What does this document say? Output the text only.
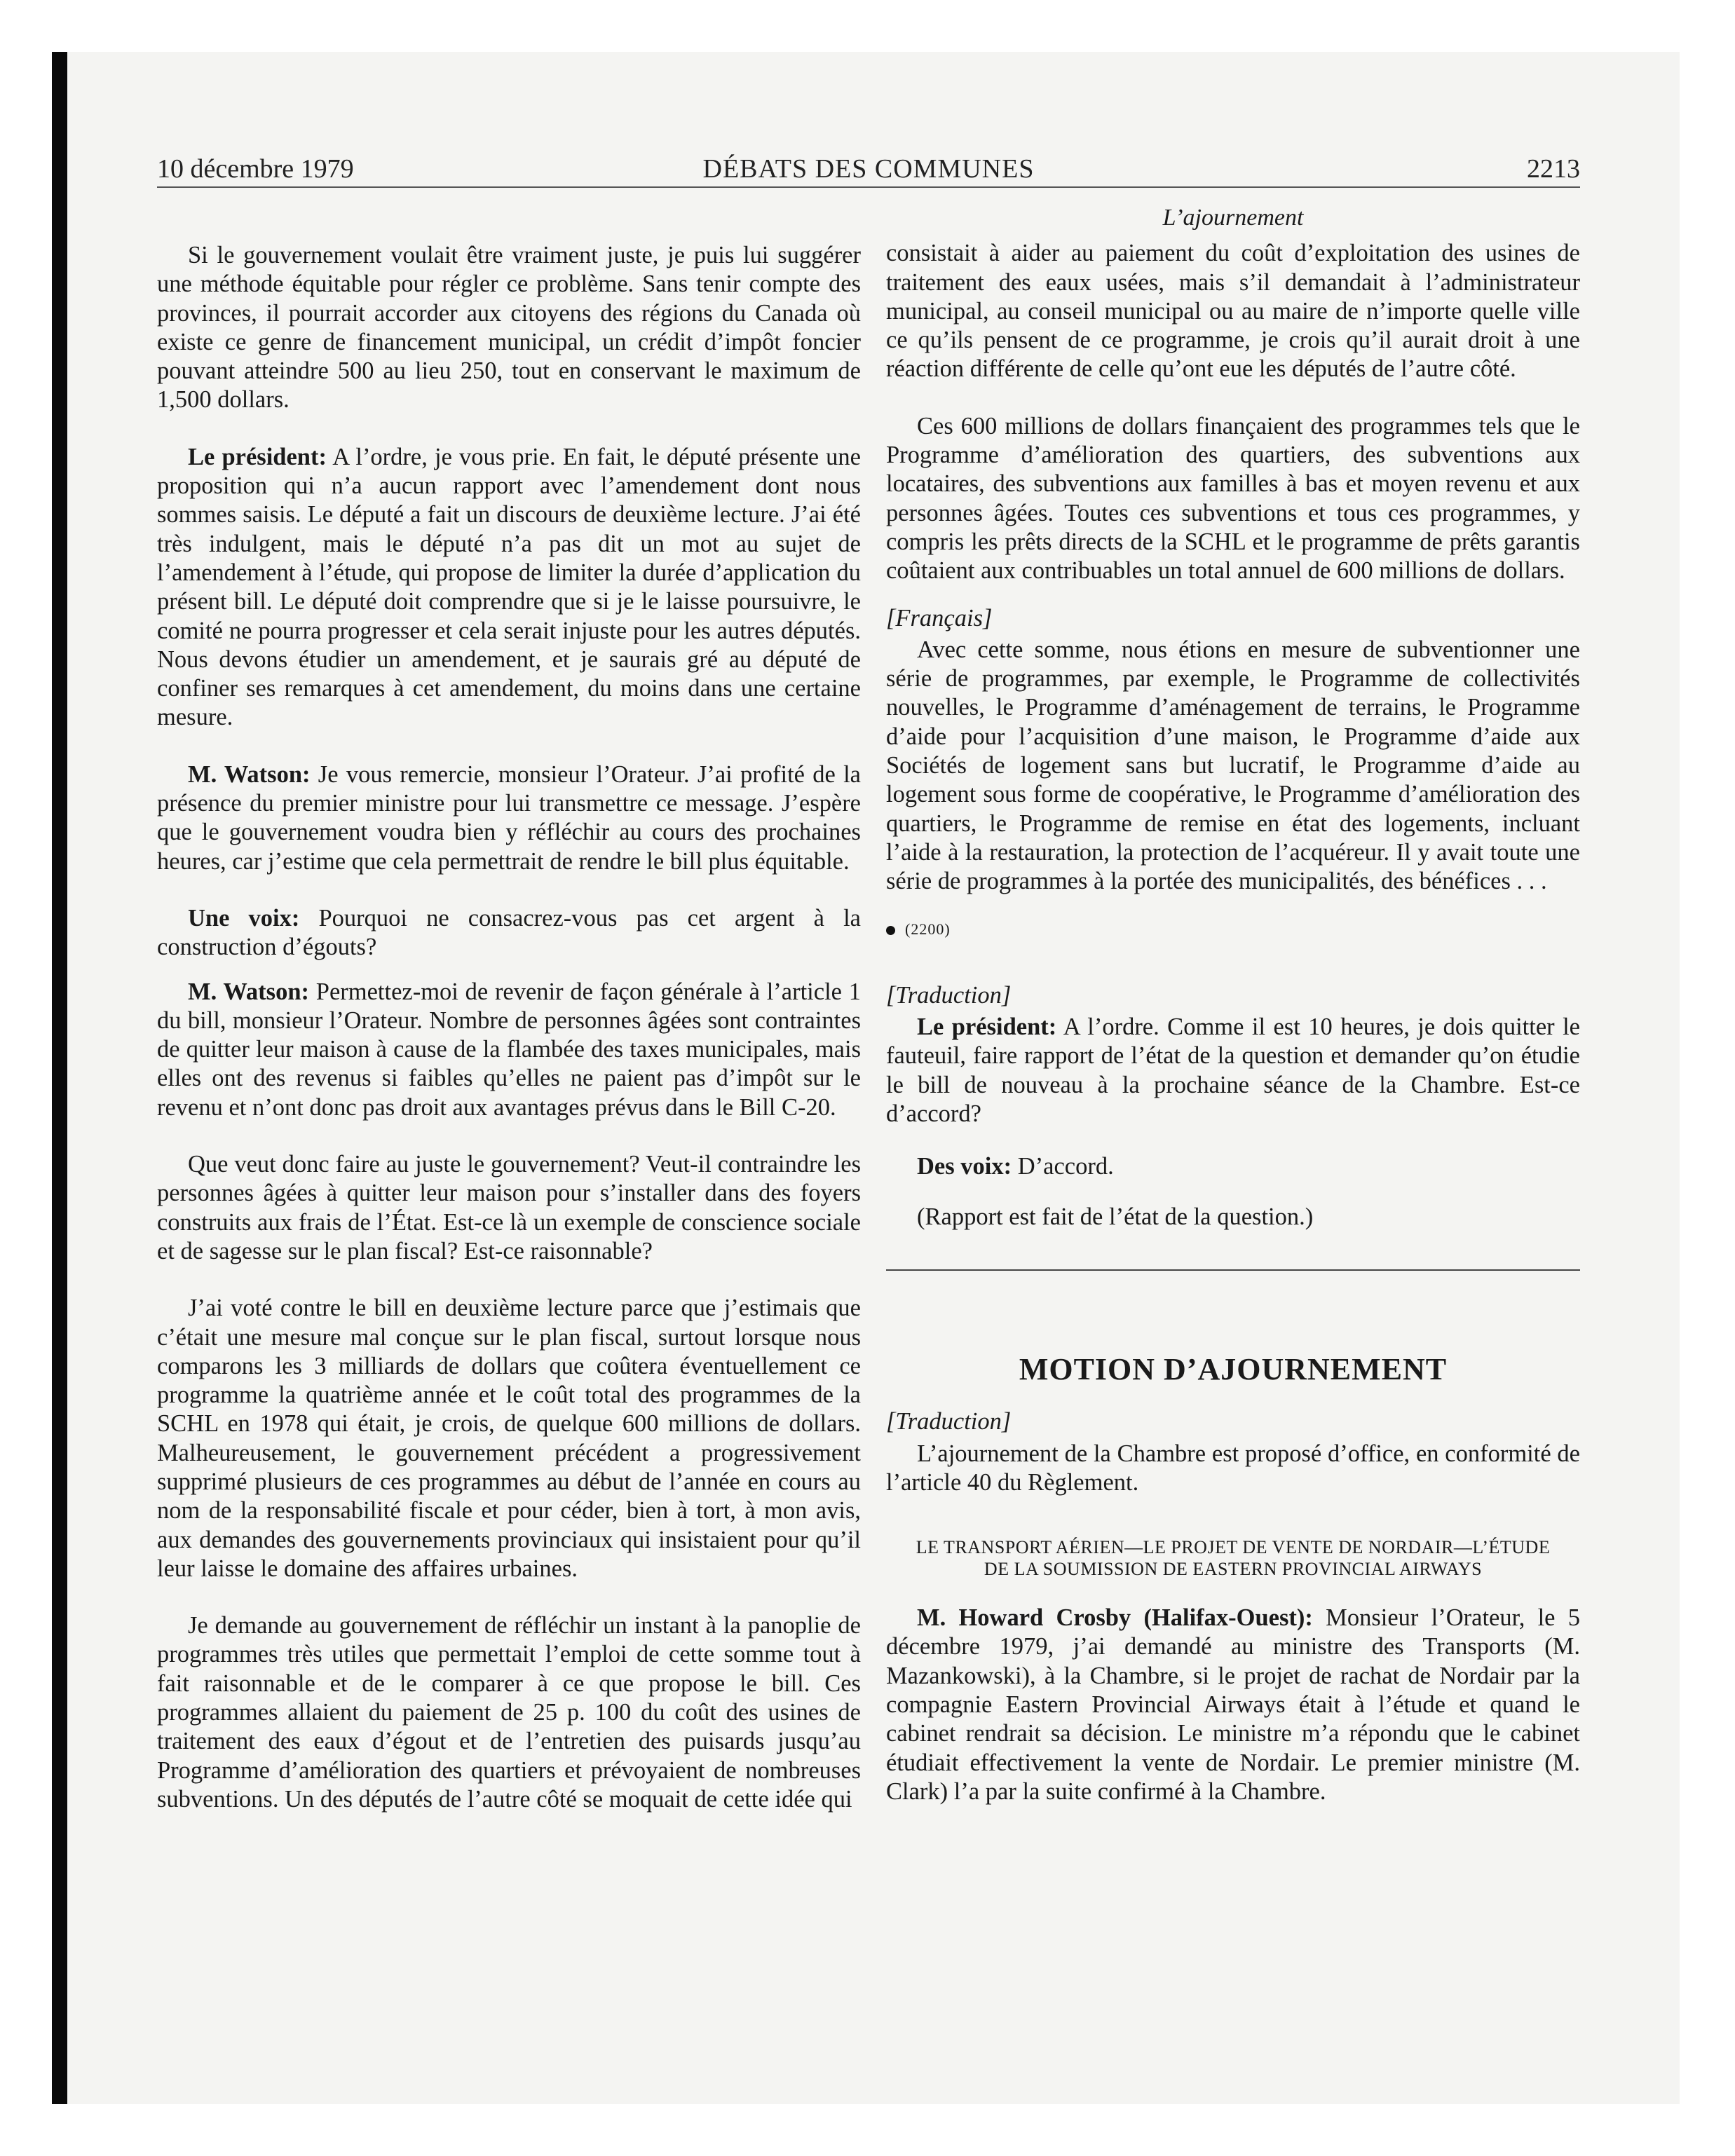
10 décembre 1979	DÉBATS DES COMMUNES	2213

Si le gouvernement voulait être vraiment juste, je puis lui suggérer une méthode équitable pour régler ce problème. Sans tenir compte des provinces, il pourrait accorder aux citoyens des régions du Canada où existe ce genre de financement municipal, un crédit d’impôt foncier pouvant atteindre 500 au lieu 250, tout en conservant le maximum de 1,500 dollars.

Le président: A l’ordre, je vous prie. En fait, le député présente une proposition qui n’a aucun rapport avec l’amendement dont nous sommes saisis. Le député a fait un discours de deuxième lecture. J’ai été très indulgent, mais le député n’a pas dit un mot au sujet de l’amendement à l’étude, qui propose de limiter la durée d’application du présent bill. Le député doit comprendre que si je le laisse poursuivre, le comité ne pourra progresser et cela serait injuste pour les autres députés. Nous devons étudier un amendement, et je saurais gré au député de confiner ses remarques à cet amendement, du moins dans une certaine mesure.

M. Watson: Je vous remercie, monsieur l’Orateur. J’ai profité de la présence du premier ministre pour lui transmettre ce message. J’espère que le gouvernement voudra bien y réfléchir au cours des prochaines heures, car j’estime que cela permettrait de rendre le bill plus équitable.

Une voix: Pourquoi ne consacrez-vous pas cet argent à la construction d’égouts?

M. Watson: Permettez-moi de revenir de façon générale à l’article 1 du bill, monsieur l’Orateur. Nombre de personnes âgées sont contraintes de quitter leur maison à cause de la flambée des taxes municipales, mais elles ont des revenus si faibles qu’elles ne paient pas d’impôt sur le revenu et n’ont donc pas droit aux avantages prévus dans le Bill C-20.

Que veut donc faire au juste le gouvernement? Veut-il contraindre les personnes âgées à quitter leur maison pour s’installer dans des foyers construits aux frais de l’État. Est-ce là un exemple de conscience sociale et de sagesse sur le plan fiscal? Est-ce raisonnable?

J’ai voté contre le bill en deuxième lecture parce que j’estimais que c’était une mesure mal conçue sur le plan fiscal, surtout lorsque nous comparons les 3 milliards de dollars que coûtera éventuellement ce programme la quatrième année et le coût total des programmes de la SCHL en 1978 qui était, je crois, de quelque 600 millions de dollars. Malheureusement, le gouvernement précédent a progressivement supprimé plusieurs de ces programmes au début de l’année en cours au nom de la responsabilité fiscale et pour céder, bien à tort, à mon avis, aux demandes des gouvernements provinciaux qui insistaient pour qu’il leur laisse le domaine des affaires urbaines.

Je demande au gouvernement de réfléchir un instant à la panoplie de programmes très utiles que permettait l’emploi de cette somme tout à fait raisonnable et de le comparer à ce que propose le bill. Ces programmes allaient du paiement de 25 p. 100 du coût des usines de traitement des eaux d’égout et de l’entretien des puisards jusqu’au Programme d’amélioration des quartiers et prévoyaient de nombreuses subventions. Un des députés de l’autre côté se moquait de cette idée qui

L’ajournement

consistait à aider au paiement du coût d’exploitation des usines de traitement des eaux usées, mais s’il demandait à l’administrateur municipal, au conseil municipal ou au maire de n’importe quelle ville ce qu’ils pensent de ce programme, je crois qu’il aurait droit à une réaction différente de celle qu’ont eue les députés de l’autre côté.

Ces 600 millions de dollars finançaient des programmes tels que le Programme d’amélioration des quartiers, des subventions aux locataires, des subventions aux familles à bas et moyen revenu et aux personnes âgées. Toutes ces subventions et tous ces programmes, y compris les prêts directs de la SCHL et le programme de prêts garantis coûtaient aux contribuables un total annuel de 600 millions de dollars.

[Français]

Avec cette somme, nous étions en mesure de subventionner une série de programmes, par exemple, le Programme de collectivités nouvelles, le Programme d’aménagement de terrains, le Programme d’aide pour l’acquisition d’une maison, le Programme d’aide aux Sociétés de logement sans but lucratif, le Programme d’aide au logement sous forme de coopérative, le Programme d’amélioration des quartiers, le Programme de remise en état des logements, incluant l’aide à la restauration, la protection de l’acquéreur. Il y avait toute une série de programmes à la portée des municipalités, des bénéfices . . .

(2200)
[Traduction]

Le président: A l’ordre. Comme il est 10 heures, je dois quitter le fauteuil, faire rapport de l’état de la question et demander qu’on étudie le bill de nouveau à la prochaine séance de la Chambre. Est-ce d’accord?

Des voix: D’accord.

(Rapport est fait de l’état de la question.)

MOTION D’AJOURNEMENT
[Traduction]

L’ajournement de la Chambre est proposé d’office, en conformité de l’article 40 du Règlement.

LE TRANSPORT AÉRIEN—LE PROJET DE VENTE DE NORDAIR—L’ÉTUDE DE LA SOUMISSION DE EASTERN PROVINCIAL AIRWAYS

M. Howard Crosby (Halifax-Ouest): Monsieur l’Orateur, le 5 décembre 1979, j’ai demandé au ministre des Transports (M. Mazankowski), à la Chambre, si le projet de rachat de Nordair par la compagnie Eastern Provincial Airways était à l’étude et quand le cabinet rendrait sa décision. Le ministre m’a répondu que le cabinet étudiait effectivement la vente de Nordair. Le premier ministre (M. Clark) l’a par la suite confirmé à la Chambre.
